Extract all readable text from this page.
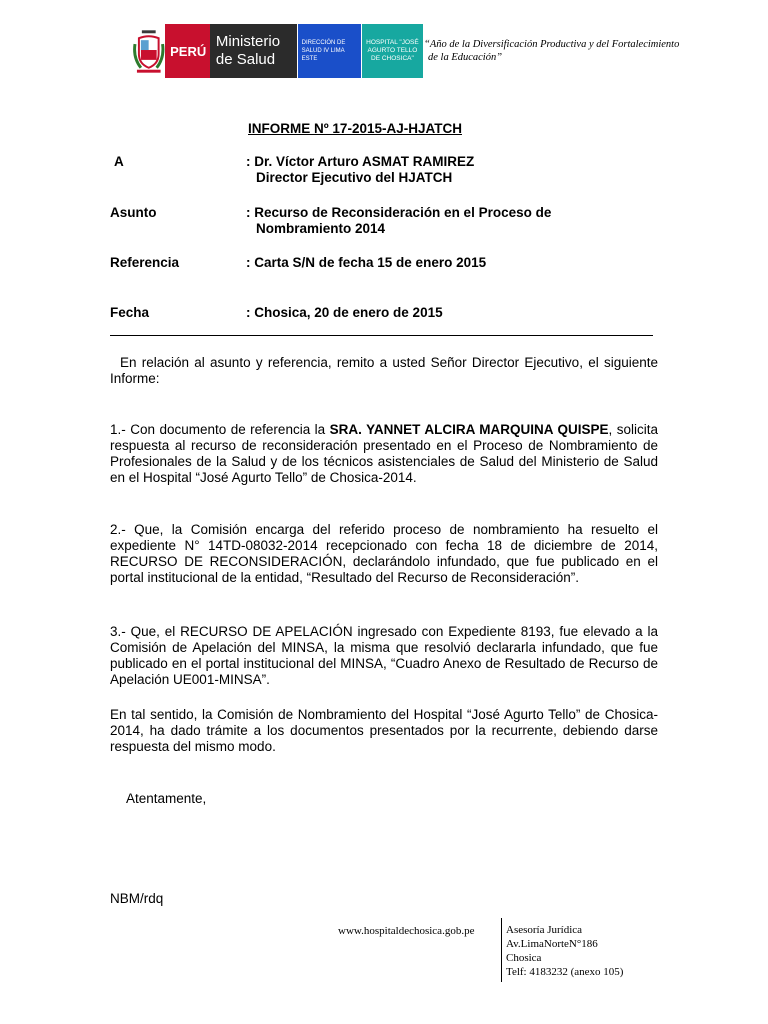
PERÚ
Ministerio
de Salud
DIRECCIÓN DE SALUD IV LIMA ESTE
HOSPITAL "JOSÉ AGURTO TELLO DE CHOSICA"
“Año de la Diversificación Productiva y del Fortalecimiento
de la Educación”
INFORME Nº 17-2015-AJ-HJATCH
A	: Dr. Víctor Arturo ASMAT RAMIREZ
Director Ejecutivo del HJATCH
Asunto	: Recurso de Reconsideración en el Proceso de
Nombramiento 2014
Referencia	: Carta S/N de fecha 15 de enero 2015
Fecha	: Chosica, 20 de enero de 2015
En relación al asunto y referencia, remito a usted Señor Director Ejecutivo, el siguiente Informe:
1.- Con documento de referencia la SRA. YANNET ALCIRA MARQUINA QUISPE, solicita respuesta al recurso de reconsideración presentado en el Proceso de Nombramiento de Profesionales de la Salud y de los técnicos asistenciales de Salud del Ministerio de Salud en el Hospital “José Agurto Tello” de Chosica-2014.
2.- Que, la Comisión encarga del referido proceso de nombramiento ha resuelto el expediente N° 14TD-08032-2014 recepcionado con fecha 18 de diciembre de 2014, RECURSO DE RECONSIDERACIÓN, declarándolo infundado, que fue publicado en el portal institucional de la entidad, “Resultado del Recurso de Reconsideración”.
3.- Que, el RECURSO DE APELACIÓN ingresado con Expediente 8193, fue elevado a la Comisión de Apelación del MINSA, la misma que resolvió declararla infundado, que fue publicado en el portal institucional del MINSA, “Cuadro Anexo de Resultado de Recurso de Apelación UE001-MINSA”.
En tal sentido, la Comisión de Nombramiento del Hospital “José Agurto Tello” de Chosica-2014, ha dado trámite a los documentos presentados por la recurrente, debiendo darse respuesta del mismo modo.
Atentamente,
NBM/rdq
www.hospitaldechosica.gob.pe	Asesoría Jurídica
Av.LimaNorteN°186
Chosica
Telf: 4183232 (anexo 105)
